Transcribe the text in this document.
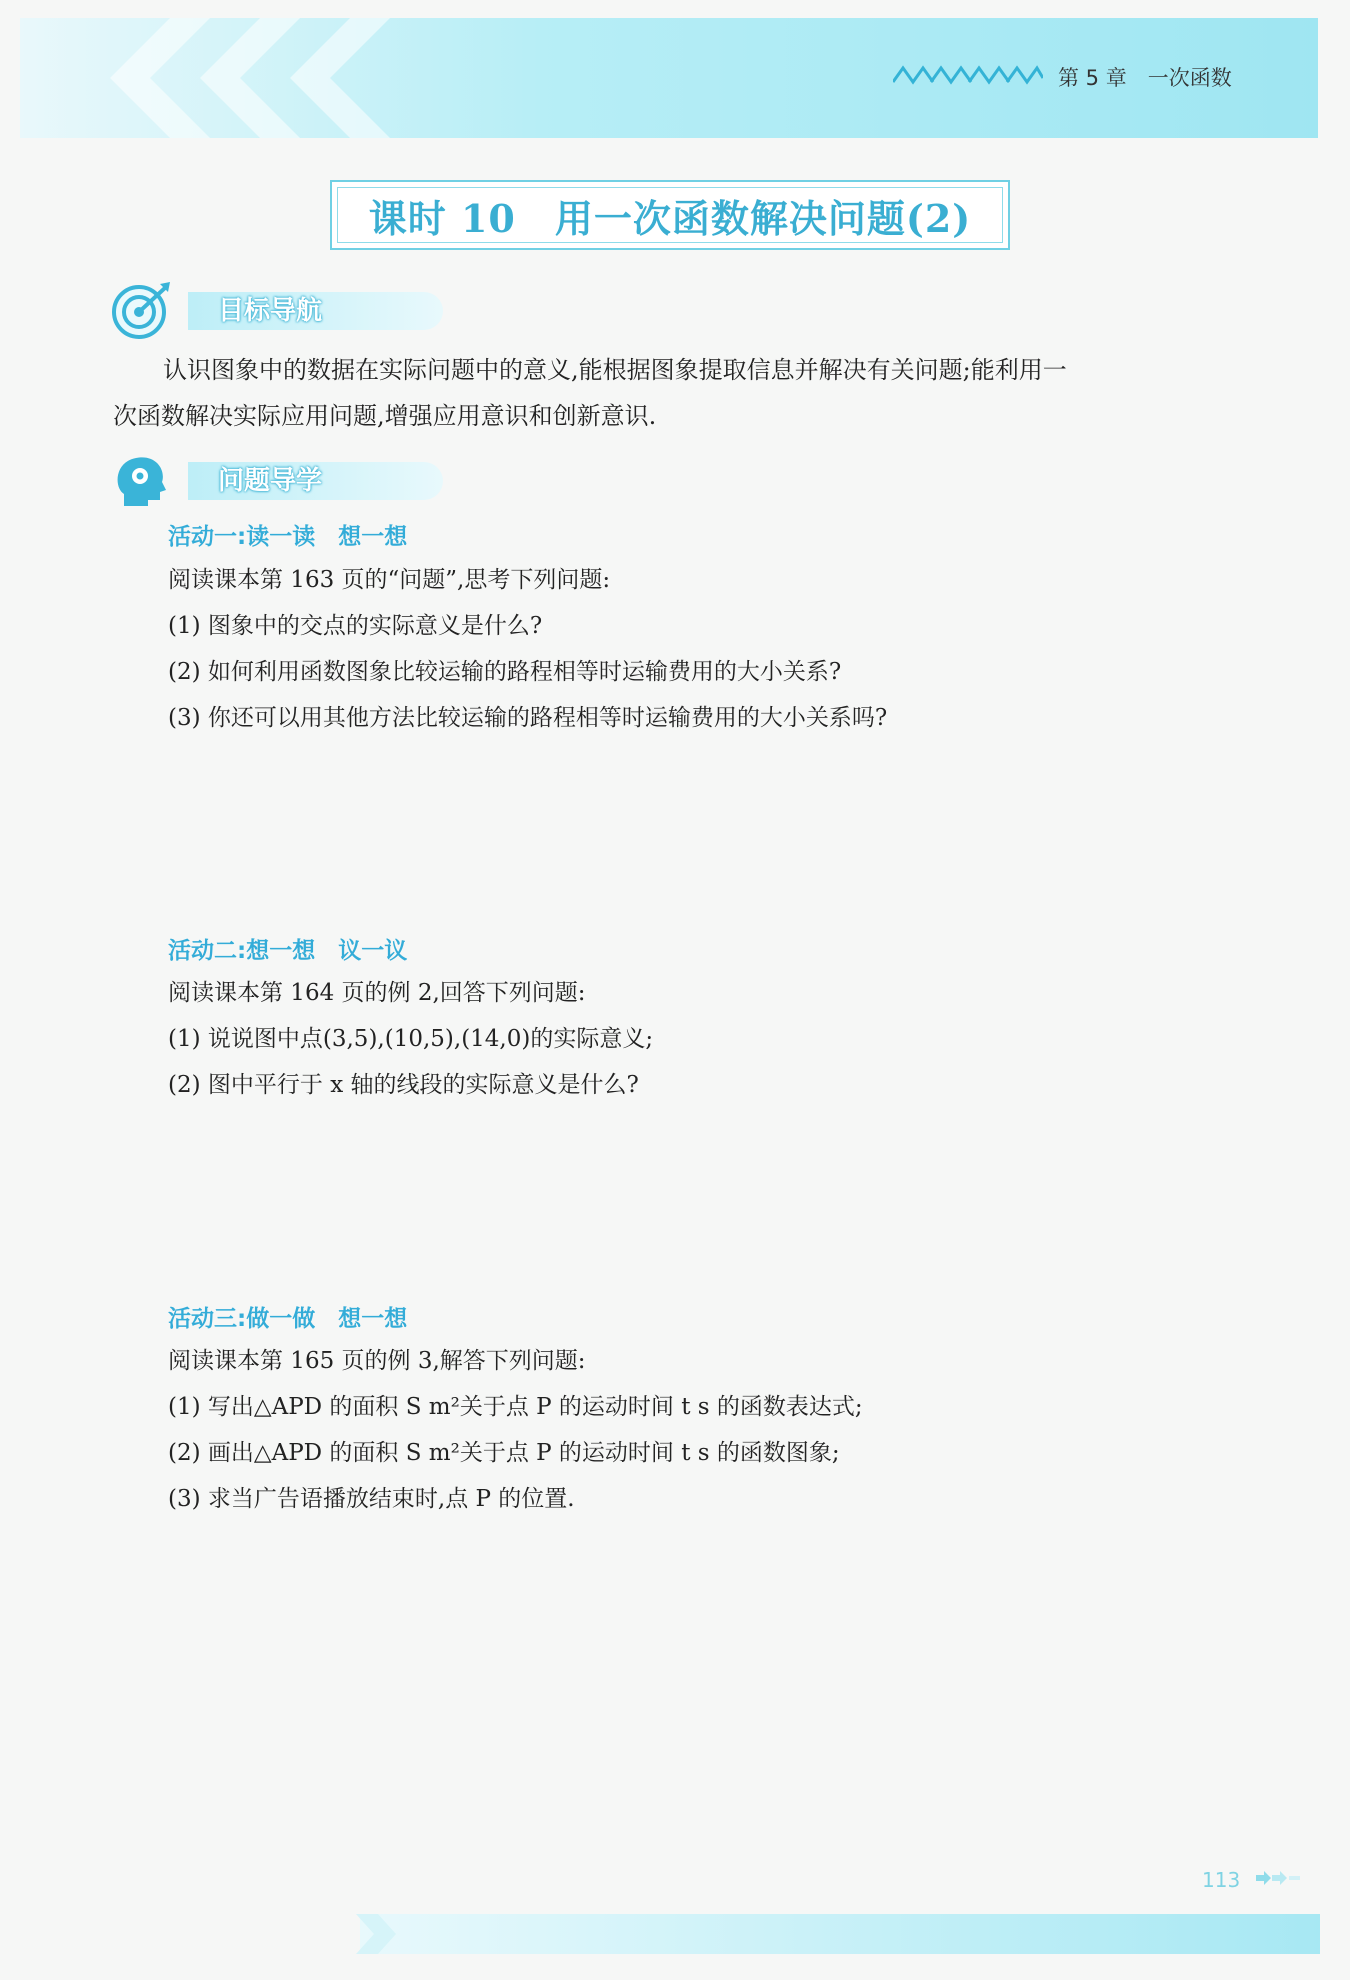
第 5 章　一次函数
课时 10　用一次函数解决问题(2)
目标导航
认识图象中的数据在实际问题中的意义,能根据图象提取信息并解决有关问题;能利用一
次函数解决实际应用问题,增强应用意识和创新意识.
问题导学
活动一:读一读　想一想
阅读课本第 163 页的“问题”,思考下列问题:
(1) 图象中的交点的实际意义是什么?
(2) 如何利用函数图象比较运输的路程相等时运输费用的大小关系?
(3) 你还可以用其他方法比较运输的路程相等时运输费用的大小关系吗?
活动二:想一想　议一议
阅读课本第 164 页的例 2,回答下列问题:
(1) 说说图中点(3,5),(10,5),(14,0)的实际意义;
(2) 图中平行于 x 轴的线段的实际意义是什么?
活动三:做一做　想一想
阅读课本第 165 页的例 3,解答下列问题:
(1) 写出△APD 的面积 S m²关于点 P 的运动时间 t s 的函数表达式;
(2) 画出△APD 的面积 S m²关于点 P 的运动时间 t s 的函数图象;
(3) 求当广告语播放结束时,点 P 的位置.
113
